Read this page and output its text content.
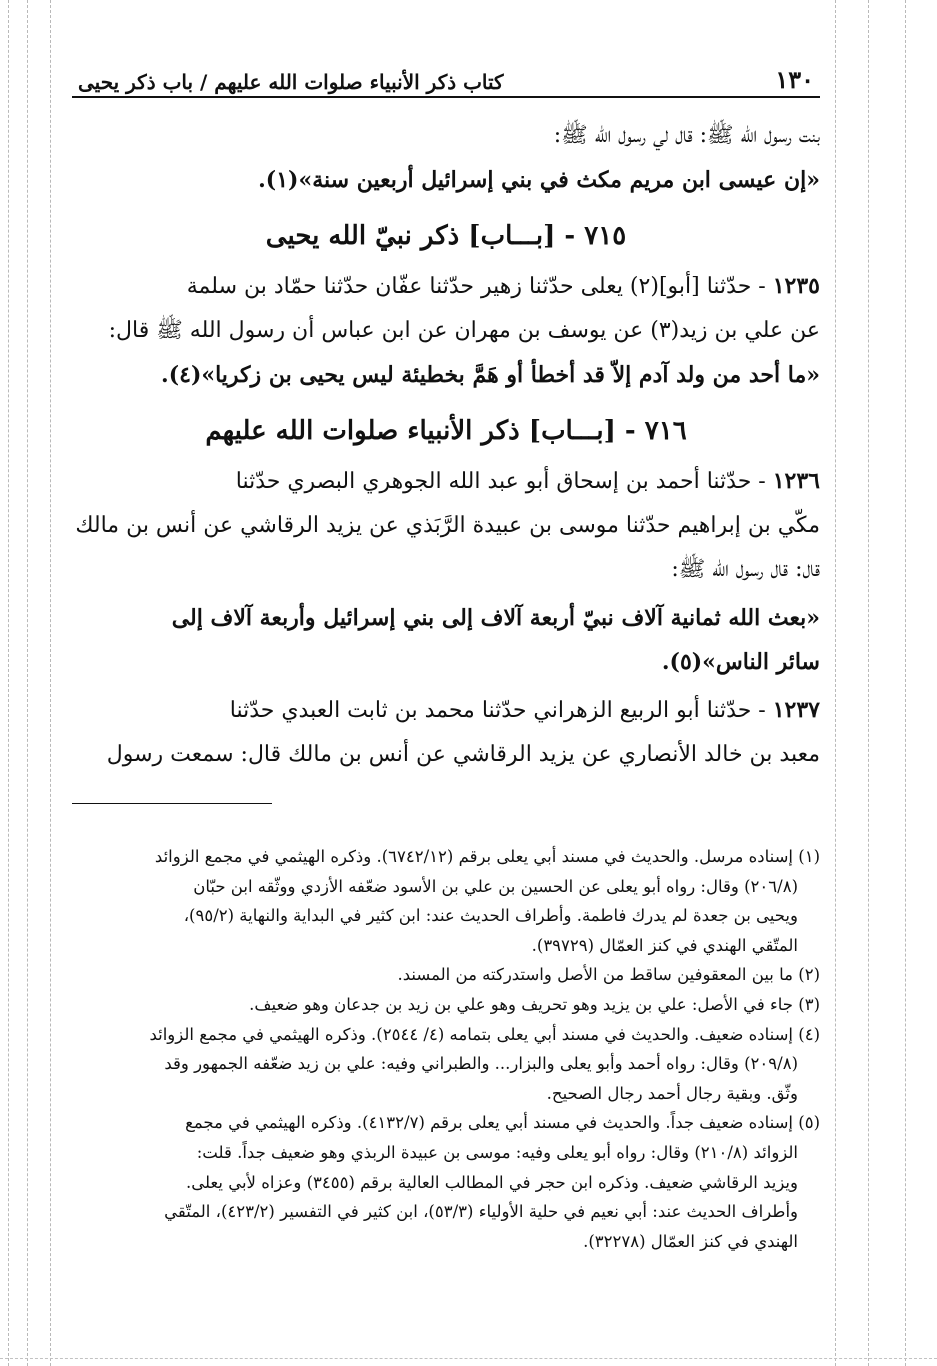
١٣٠
كتاب ذكر الأنبياء صلوات الله عليهم / باب ذكر يحيى

بنت رسول الله ﷺ: قال لي رسول الله ﷺ:

«إن عيسى ابن مريم مكث في بني إسرائيل أربعين سنة»(١).

٧١٥ - [بـــاب] ذكر نبيّ الله يحيى

١٢٣٥ - حدّثنا [أبو](٢) يعلى حدّثنا زهير حدّثنا عفّان حدّثنا حمّاد بن سلمة

عن علي بن زيد(٣) عن يوسف بن مهران عن ابن عباس أن رسول الله ﷺ قال:

«ما أحد من ولد آدم إلاّ قد أخطأ أو هَمَّ بخطيئة ليس يحيى بن زكريا»(٤).

٧١٦ - [بـــاب] ذكر الأنبياء صلوات الله عليهم

١٢٣٦ - حدّثنا أحمد بن إسحاق أبو عبد الله الجوهري البصري حدّثنا

مكّي بن إبراهيم حدّثنا موسى بن عبيدة الرَّبَذي عن يزيد الرقاشي عن أنس بن مالك

قال: قال رسول الله ﷺ:

«بعث الله ثمانية آلاف نبيّ أربعة آلاف إلى بني إسرائيل وأربعة آلاف إلى

سائر الناس»(٥).

١٢٣٧ - حدّثنا أبو الربيع الزهراني حدّثنا محمد بن ثابت العبدي حدّثنا

معبد بن خالد الأنصاري عن يزيد الرقاشي عن أنس بن مالك قال: سمعت رسول

(١) إسناده مرسل. والحديث في مسند أبي يعلى برقم (٦٧٤٢/١٢). وذكره الهيثمي في مجمع الزوائد

(٢٠٦/٨) وقال: رواه أبو يعلى عن الحسين بن علي بن الأسود ضعّفه الأزدي ووثّقه ابن حبّان

ويحيى بن جعدة لم يدرك فاطمة. وأطراف الحديث عند: ابن كثير في البداية والنهاية (٩٥/٢)،

المتّقي الهندي في كنز العمّال (٣٩٧٢٩).

(٢) ما بين المعقوفين ساقط من الأصل واستدركته من المسند.

(٣) جاء في الأصل: علي بن يزيد وهو تحريف وهو علي بن زيد بن جدعان وهو ضعيف.

(٤) إسناده ضعيف. والحديث في مسند أبي يعلى بتمامه (٤/ ٢٥٤٤). وذكره الهيثمي في مجمع الزوائد

(٢٠٩/٨) وقال: رواه أحمد وأبو يعلى والبزار... والطبراني وفيه: علي بن زيد ضعّفه الجمهور وقد

وثّق. وبقية رجال أحمد رجال الصحيح.

(٥) إسناده ضعيف جداً. والحديث في مسند أبي يعلى برقم (٤١٣٢/٧). وذكره الهيثمي في مجمع

الزوائد (٢١٠/٨) وقال: رواه أبو يعلى وفيه: موسى بن عبيدة الربذي وهو ضعيف جداً. قلت:

ويزيد الرقاشي ضعيف. وذكره ابن حجر في المطالب العالية برقم (٣٤٥٥) وعزاه لأبي يعلى.

وأطراف الحديث عند: أبي نعيم في حلية الأولياء (٥٣/٣)، ابن كثير في التفسير (٤٢٣/٢)، المتّقي

الهندي في كنز العمّال (٣٢٢٧٨).
